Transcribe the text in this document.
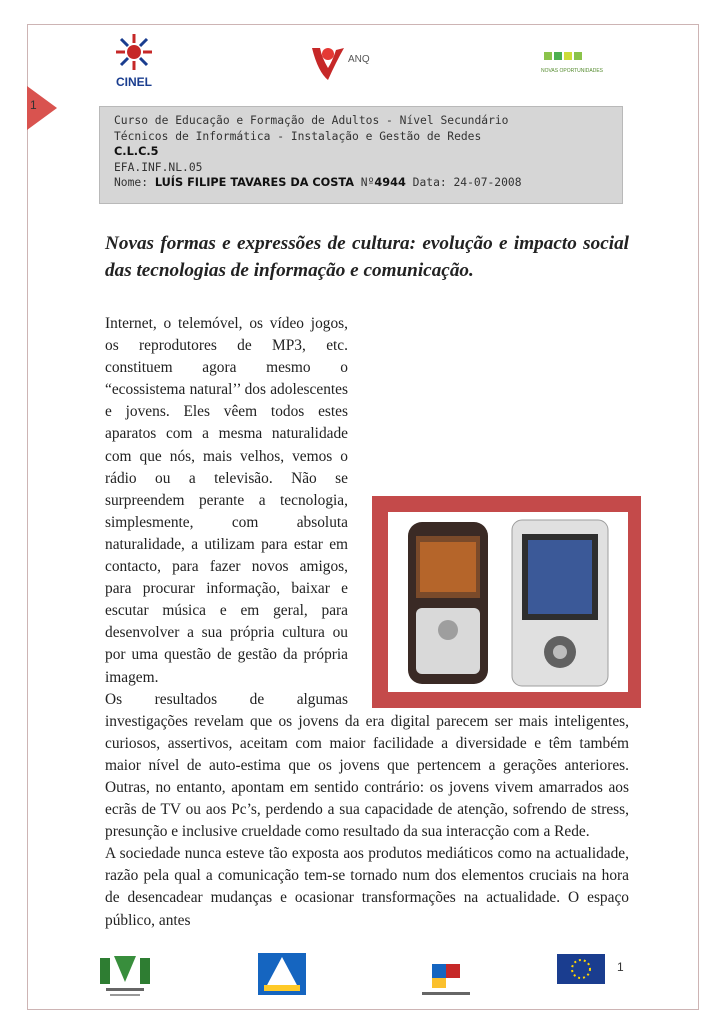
1
CINEL
ANQ
NOVAS OPORTUNIDADES
Curso de Educação e Formação de Adultos - Nível Secundário
Técnicos de Informática - Instalação e Gestão de Redes
C.L.C.5
EFA.INF.NL.05
Nome: LUÍS FILIPE TAVARES DA COSTA Nº4944 Data: 24-07-2008
Novas formas e expressões de cultura: evolução e impacto social das tecnologias de informação e comunicação.

Internet, o telemóvel, os vídeo jogos, os reprodutores de MP3, etc. constituem agora mesmo o “ecossistema natural’’ dos adolescentes e jovens. Eles vêem todos estes aparatos com a mesma naturalidade com que nós, mais velhos, vemos o rádio ou a televisão. Não se surpreendem perante a tecnologia, simplesmente, com absoluta naturalidade, a utilizam para estar em contacto, para fazer novos amigos, para procurar informação, baixar e escutar música e em geral, para desenvolver a sua própria cultura ou por uma questão de gestão da própria imagem.

Os resultados de algumas investigações revelam que os jovens da era digital parecem ser mais inteligentes, curiosos, assertivos, aceitam com maior facilidade a diversidade e têm também maior nível de auto-estima que os jovens que pertencem a gerações anteriores. Outras, no entanto, apontam em sentido contrário: os jovens vivem amarrados aos ecrãs de TV ou aos Pc’s, perdendo a sua capacidade de atenção, sofrendo de stress, presunção e inclusive crueldade como resultado da sua interacção com a Rede.

A sociedade nunca esteve tão exposta aos produtos mediáticos como na actualidade, razão pela qual a comunicação tem-se tornado num dos elementos cruciais na hora de desencadear mudanças e ocasionar transformações na actualidade. O espaço público, antes

1
